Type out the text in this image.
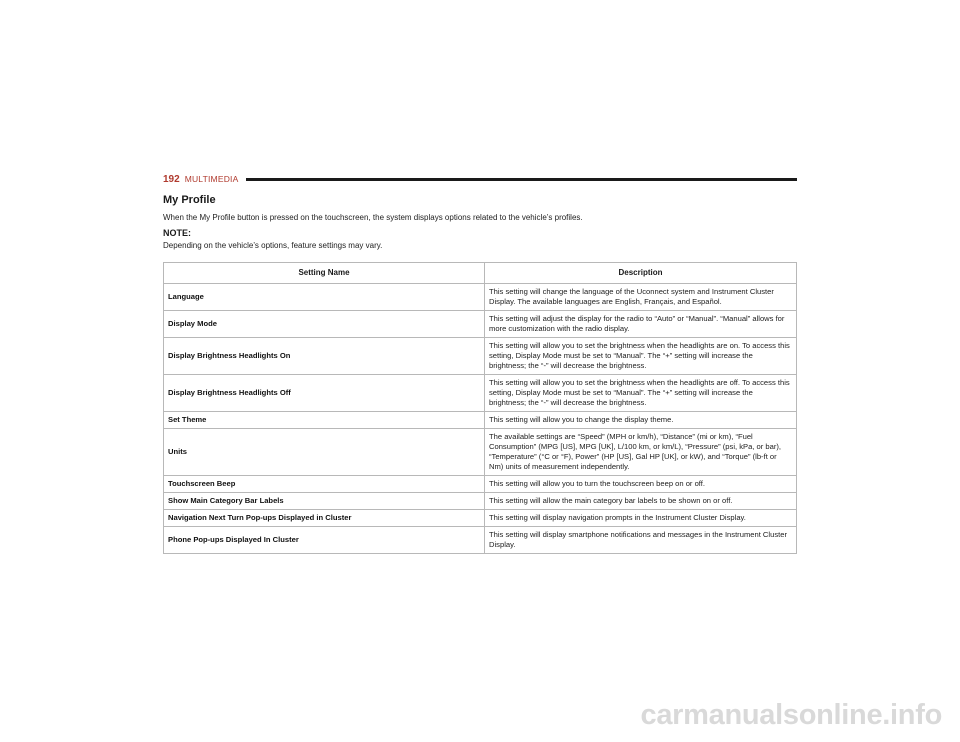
192 MULTIMEDIA
My Profile

When the My Profile button is pressed on the touchscreen, the system displays options related to the vehicle’s profiles.

NOTE:

Depending on the vehicle’s options, feature settings may vary.

Setting Name	Description
Language	This setting will change the language of the Uconnect system and Instrument Cluster Display. The available languages are English, Français, and Español.
Display Mode	This setting will adjust the display for the radio to “Auto” or “Manual”. “Manual” allows for more customization with the radio display.
Display Brightness Headlights On	This setting will allow you to set the brightness when the headlights are on. To access this setting, Display Mode must be set to “Manual”. The “+” setting will increase the brightness; the “-” will decrease the brightness.
Display Brightness Headlights Off	This setting will allow you to set the brightness when the headlights are off. To access this setting, Display Mode must be set to “Manual”. The “+” setting will increase the brightness; the “-” will decrease the brightness.
Set Theme	This setting will allow you to change the display theme.
Units	The available settings are “Speed” (MPH or km/h), “Distance” (mi or km), “Fuel Consumption” (MPG [US], MPG [UK], L/100 km, or km/L), “Pressure” (psi, kPa, or bar), “Temperature” (°C or °F), Power” (HP [US], Gal HP [UK], or kW), and “Torque” (lb-ft or Nm) units of measurement independently.
Touchscreen Beep	This setting will allow you to turn the touchscreen beep on or off.
Show Main Category Bar Labels	This setting will allow the main category bar labels to be shown on or off.
Navigation Next Turn Pop-ups Displayed in Cluster	This setting will display navigation prompts in the Instrument Cluster Display.
Phone Pop-ups Displayed In Cluster	This setting will display smartphone notifications and messages in the Instrument Cluster Display.
carmanualsonline.info
